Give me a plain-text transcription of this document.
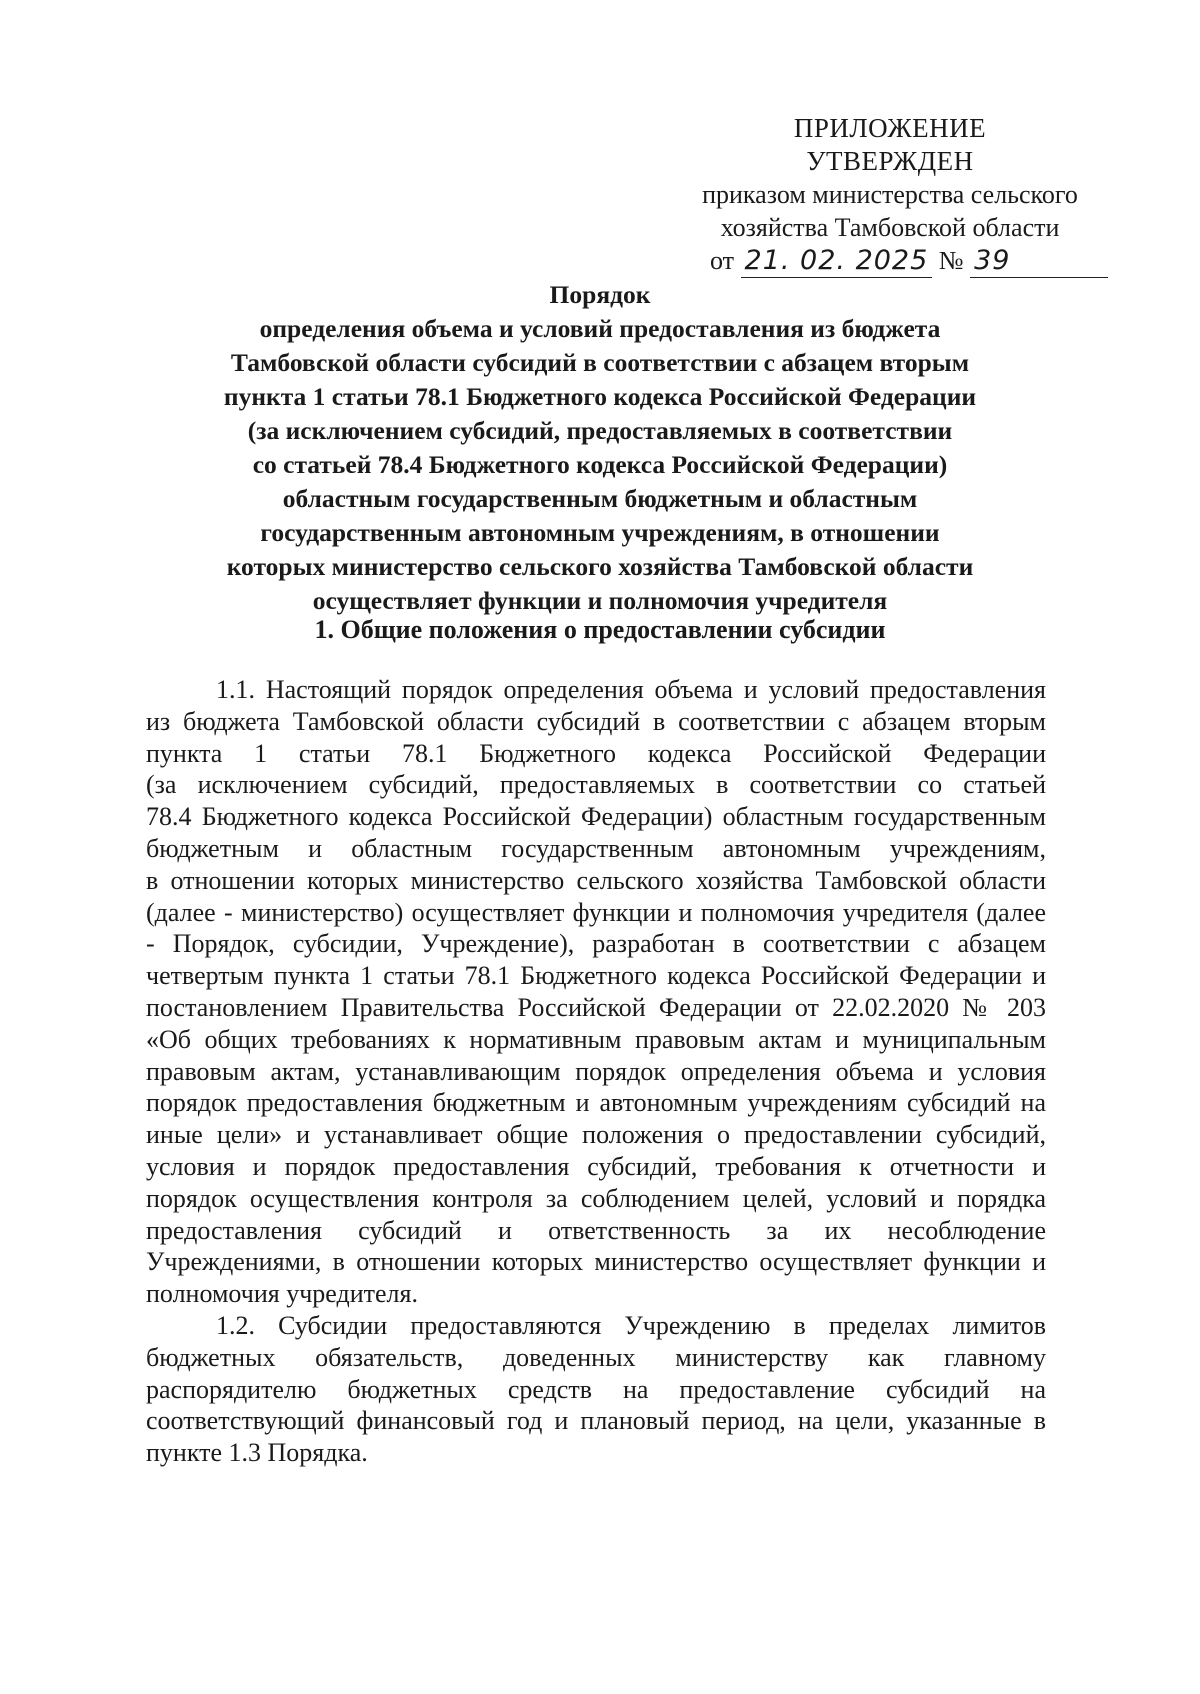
ПРИЛОЖЕНИЕ
УТВЕРЖДЕН
приказом министерства сельского
хозяйства Тамбовской области
от 21. 02. 2025 № 39
Порядок
определения объема и условий предоставления из бюджета
Тамбовской области субсидий в соответствии с абзацем вторым
пункта 1 статьи 78.1 Бюджетного кодекса Российской Федерации
(за исключением субсидий, предоставляемых в соответствии
со статьей 78.4 Бюджетного кодекса Российской Федерации)
областным государственным бюджетным и областным
государственным автономным учреждениям, в отношении
которых министерство сельского хозяйства Тамбовской области
осуществляет функции и полномочия учредителя
1. Общие положения о предоставлении субсидии
1.1. Настоящий порядок определения объема и условий предоставления
из бюджета Тамбовской области субсидий в соответствии с абзацем вторым
пункта 1 статьи 78.1 Бюджетного кодекса Российской Федерации
(за исключением субсидий, предоставляемых в соответствии со статьей
78.4 Бюджетного кодекса Российской Федерации) областным государственным
бюджетным и областным государственным автономным учреждениям,
в отношении которых министерство сельского хозяйства Тамбовской области
(далее - министерство) осуществляет функции и полномочия учредителя (далее
- Порядок, субсидии, Учреждение), разработан в соответствии с абзацем
четвертым пункта 1 статьи 78.1 Бюджетного кодекса Российской Федерации и
постановлением Правительства Российской Федерации от 22.02.2020 № 203
«Об общих требованиях к нормативным правовым актам и муниципальным
правовым актам, устанавливающим порядок определения объема и условия
порядок предоставления бюджетным и автономным учреждениям субсидий на
иные цели» и устанавливает общие положения о предоставлении субсидий,
условия и порядок предоставления субсидий, требования к отчетности и
порядок осуществления контроля за соблюдением целей, условий и порядка
предоставления субсидий и ответственность за их несоблюдение
Учреждениями, в отношении которых министерство осуществляет функции и
полномочия учредителя.
1.2. Субсидии предоставляются Учреждению в пределах лимитов
бюджетных обязательств, доведенных министерству как главному
распорядителю бюджетных средств на предоставление субсидий на
соответствующий финансовый год и плановый период, на цели, указанные в
пункте 1.3 Порядка.
